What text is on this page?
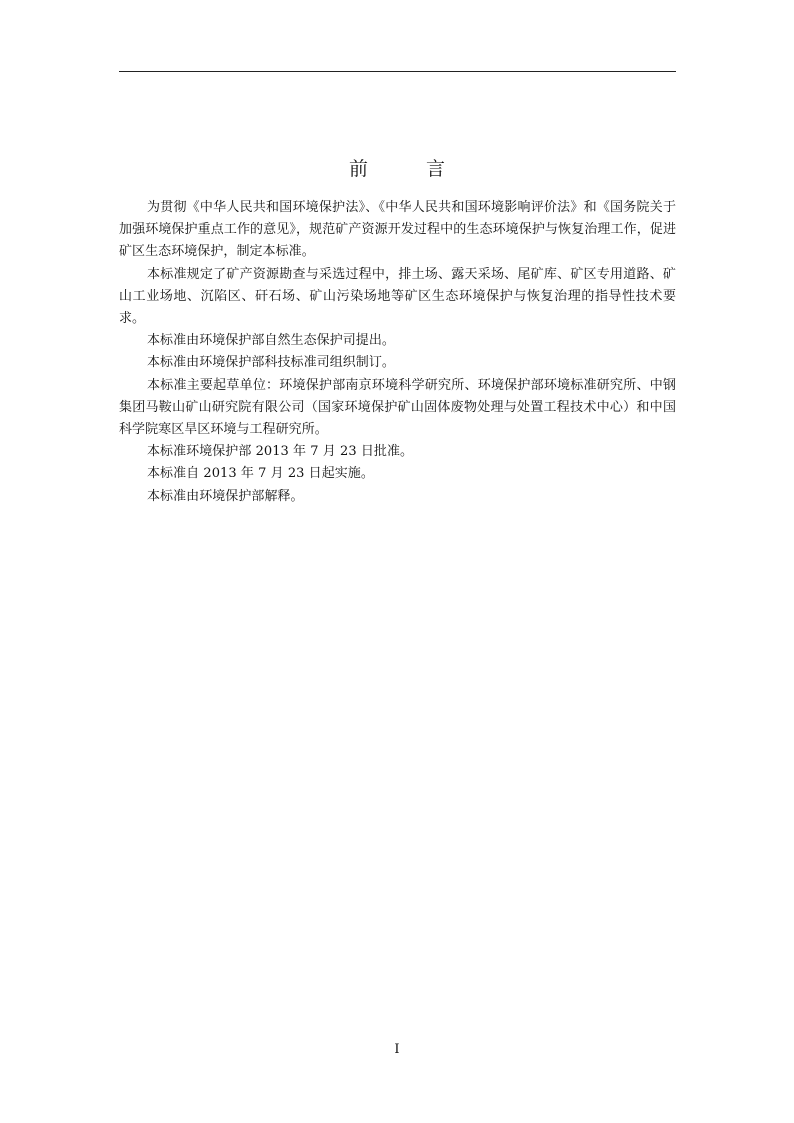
前 言

为贯彻《中华人民共和国环境保护法》、《中华人民共和国环境影响评价法》和《国务院关于加强环境保护重点工作的意见》，规范矿产资源开发过程中的生态环境保护与恢复治理工作，促进矿区生态环境保护，制定本标准。

本标准规定了矿产资源勘查与采选过程中，排土场、露天采场、尾矿库、矿区专用道路、矿山工业场地、沉陷区、矸石场、矿山污染场地等矿区生态环境保护与恢复治理的指导性技术要求。

本标准由环境保护部自然生态保护司提出。

本标准由环境保护部科技标准司组织制订。

本标准主要起草单位：环境保护部南京环境科学研究所、环境保护部环境标准研究所、中钢集团马鞍山矿山研究院有限公司（国家环境保护矿山固体废物处理与处置工程技术中心）和中国科学院寒区旱区环境与工程研究所。

本标准环境保护部 2013 年 7 月 23 日批准。

本标准自 2013 年 7 月 23 日起实施。

本标准由环境保护部解释。

I
